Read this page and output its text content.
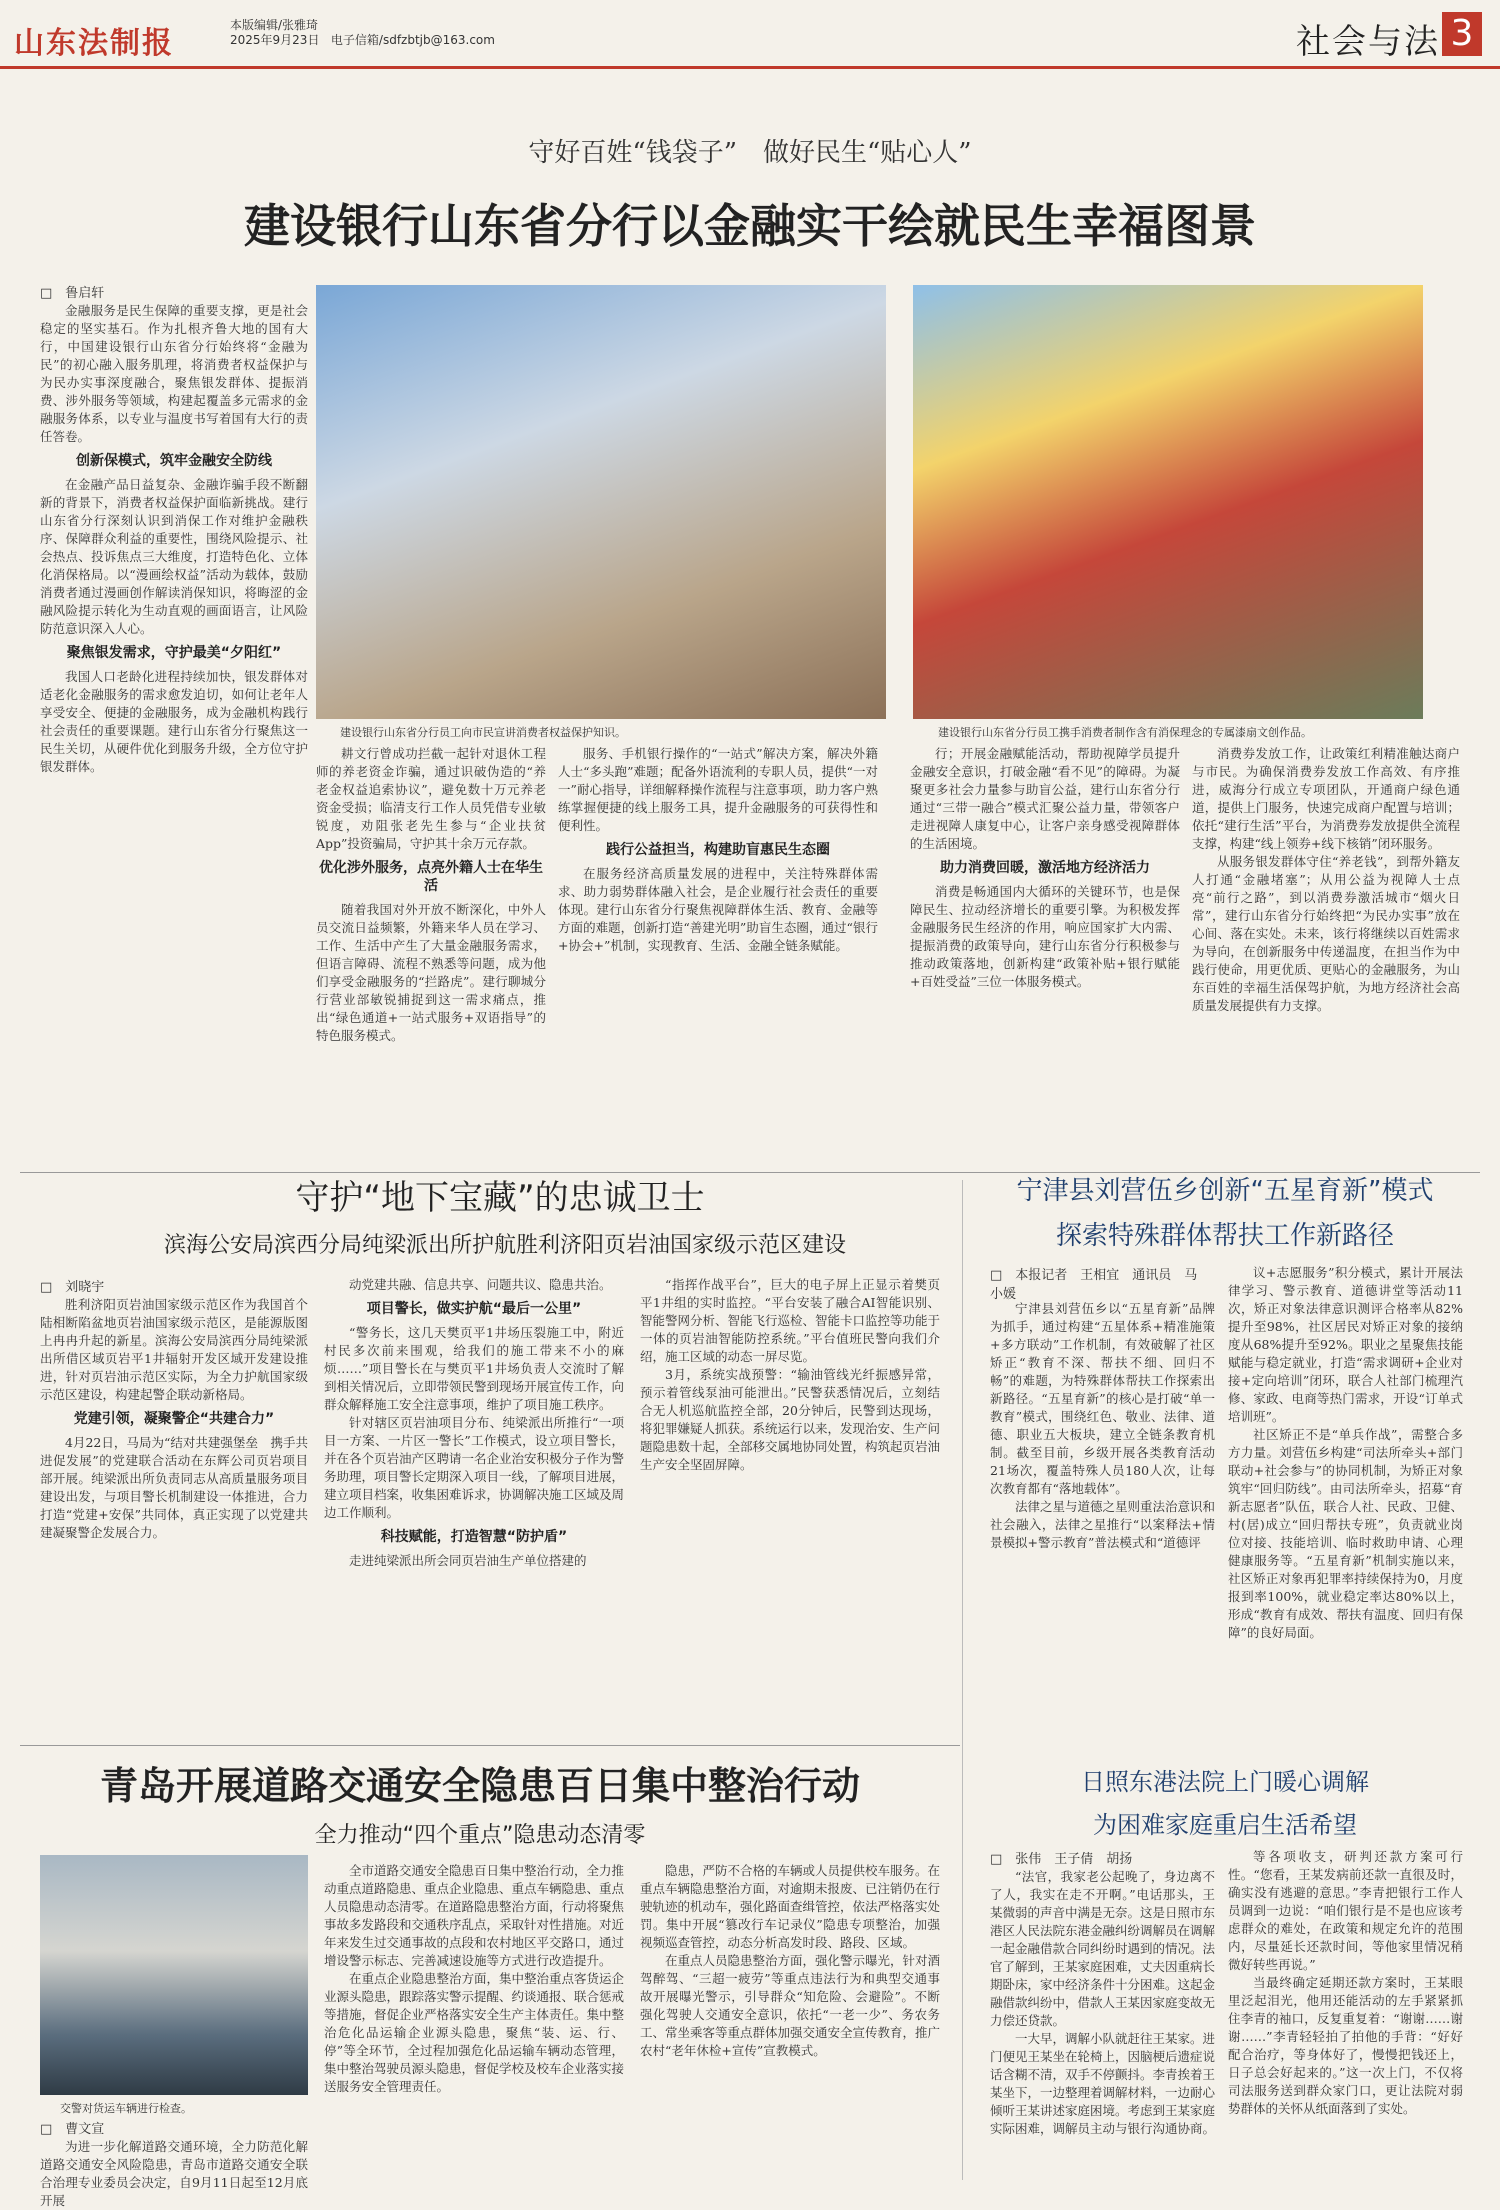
山东法制报
本版编辑/张雅琦
2025年9月23日 电子信箱/sdfzbtjb@163.com	社会与法 3
守好百姓“钱袋子”　做好民生“贴心人”
建设银行山东省分行以金融实干绘就民生幸福图景
□　鲁启轩

金融服务是民生保障的重要支撑，更是社会稳定的坚实基石。作为扎根齐鲁大地的国有大行，中国建设银行山东省分行始终将“金融为民”的初心融入服务肌理，将消费者权益保护与为民办实事深度融合，聚焦银发群体、提振消费、涉外服务等领域，构建起覆盖多元需求的金融服务体系，以专业与温度书写着国有大行的责任答卷。

创新保模式，筑牢金融安全防线

在金融产品日益复杂、金融诈骗手段不断翻新的背景下，消费者权益保护面临新挑战。建行山东省分行深刻认识到消保工作对维护金融秩序、保障群众利益的重要性，围绕风险提示、社会热点、投诉焦点三大维度，打造特色化、立体化消保格局。以“漫画绘权益”活动为载体，鼓励消费者通过漫画创作解读消保知识，将晦涩的金融风险提示转化为生动直观的画面语言，让风险防范意识深入人心。

聚焦银发需求，守护最美“夕阳红”

我国人口老龄化进程持续加快，银发群体对适老化金融服务的需求愈发迫切，如何让老年人享受安全、便捷的金融服务，成为金融机构践行社会责任的重要课题。建行山东省分行聚焦这一民生关切，从硬件优化到服务升级，全方位守护银发群体。

建设银行山东省分行员工向市民宣讲消费者权益保护知识。	建设银行山东省分行员工携手消费者制作含有消保理念的专属漆扇文创作品。

耕文行曾成功拦截一起针对退休工程师的养老资金诈骗，通过识破伪造的“养老金权益追索协议”，避免数十万元养老资金受损；临清支行工作人员凭借专业敏锐度，劝阻张老先生参与“企业扶贫App”投资骗局，守护其十余万元存款。

优化涉外服务，点亮外籍人士在华生活

随着我国对外开放不断深化，中外人员交流日益频繁，外籍来华人员在学习、工作、生活中产生了大量金融服务需求，但语言障碍、流程不熟悉等问题，成为他们享受金融服务的“拦路虎”。建行聊城分行营业部敏锐捕捉到这一需求痛点，推出“绿色通道+一站式服务+双语指导”的特色服务模式。

服务、手机银行操作的“一站式”解决方案，解决外籍人士“多头跑”难题；配备外语流利的专职人员，提供“一对一”耐心指导，详细解释操作流程与注意事项，助力客户熟练掌握便捷的线上服务工具，提升金融服务的可获得性和便利性。

践行公益担当，构建助盲惠民生态圈

在服务经济高质量发展的进程中，关注特殊群体需求、助力弱势群体融入社会，是企业履行社会责任的重要体现。建行山东省分行聚焦视障群体生活、教育、金融等方面的难题，创新打造“善建光明”助盲生态圈，通过“银行+协会+”机制，实现教育、生活、金融全链条赋能。

行；开展金融赋能活动，帮助视障学员提升金融安全意识，打破金融“看不见”的障碍。为凝聚更多社会力量参与助盲公益，建行山东省分行通过“三带一融合”模式汇聚公益力量，带领客户走进视障人康复中心，让客户亲身感受视障群体的生活困境。

助力消费回暖，激活地方经济活力

消费是畅通国内大循环的关键环节，也是保障民生、拉动经济增长的重要引擎。为积极发挥金融服务民生经济的作用，响应国家扩大内需、提振消费的政策导向，建行山东省分行积极参与推动政策落地，创新构建“政策补贴+银行赋能+百姓受益”三位一体服务模式。

消费券发放工作，让政策红利精准触达商户与市民。为确保消费券发放工作高效、有序推进，威海分行成立专项团队，开通商户绿色通道，提供上门服务，快速完成商户配置与培训；依托“建行生活”平台，为消费券发放提供全流程支撑，构建“线上领券+线下核销”闭环服务。

从服务银发群体守住“养老钱”，到帮外籍友人打通“金融堵塞”；从用公益为视障人士点亮“前行之路”，到以消费券激活城市“烟火日常”，建行山东省分行始终把“为民办实事”放在心间、落在实处。未来，该行将继续以百姓需求为导向，在创新服务中传递温度，在担当作为中践行使命，用更优质、更贴心的金融服务，为山东百姓的幸福生活保驾护航，为地方经济社会高质量发展提供有力支撑。

守护“地下宝藏”的忠诚卫士
滨海公安局滨西分局纯梁派出所护航胜利济阳页岩油国家级示范区建设
□　刘晓宇

胜利济阳页岩油国家级示范区作为我国首个陆相断陷盆地页岩油国家级示范区，是能源版图上冉冉升起的新星。滨海公安局滨西分局纯梁派出所借区域页岩平1井辐射开发区域开发建设推进，针对页岩油示范区实际，为全力护航国家级示范区建设，构建起警企联动新格局。

党建引领，凝聚警企“共建合力”

4月22日，马局为“结对共建强堡垒　携手共进促发展”的党建联合活动在东辉公司页岩项目部开展。纯梁派出所负责同志从高质量服务项目建设出发，与项目警长机制建设一体推进，合力打造“党建+安保”共同体，真正实现了以党建共建凝聚警企发展合力。

动党建共融、信息共享、问题共议、隐患共治。

项目警长，做实护航“最后一公里”

“警务长，这几天樊页平1井场压裂施工中，附近村民多次前来围观，给我们的施工带来不小的麻烦……”项目警长在与樊页平1井场负责人交流时了解到相关情况后，立即带领民警到现场开展宣传工作，向群众解释施工安全注意事项，维护了项目施工秩序。

针对辖区页岩油项目分布、纯梁派出所推行“一项目一方案、一片区一警长”工作模式，设立项目警长，并在各个页岩油产区聘请一名企业治安积极分子作为警务助理，项目警长定期深入项目一线，了解项目进展，建立项目档案，收集困难诉求，协调解决施工区域及周边工作顺利。

科技赋能，打造智慧“防护盾”

走进纯梁派出所会同页岩油生产单位搭建的

“指挥作战平台”，巨大的电子屏上正显示着樊页平1井组的实时监控。“平台安装了融合AI智能识别、智能警网分析、智能飞行巡检、智能卡口监控等功能于一体的页岩油智能防控系统。”平台值班民警向我们介绍，施工区域的动态一屏尽览。

3月，系统实战预警：“输油管线光纤振感异常，预示着管线泵油可能泄出。”民警获悉情况后，立刻结合无人机巡航监控全部，20分钟后，民警到达现场，将犯罪嫌疑人抓获。系统运行以来，发现治安、生产问题隐患数十起，全部移交属地协同处置，构筑起页岩油生产安全坚固屏障。

宁津县刘营伍乡创新“五星育新”模式
探索特殊群体帮扶工作新路径
□　本报记者　王相宜　通讯员　马小媛

宁津县刘营伍乡以“五星育新”品牌为抓手，通过构建“五星体系+精准施策+多方联动”工作机制，有效破解了社区矫正“教育不深、帮扶不细、回归不畅”的难题，为特殊群体帮扶工作探索出新路径。“五星育新”的核心是打破“单一教育”模式，围绕红色、敬业、法律、道德、职业五大板块，建立全链条教育机制。截至目前，乡级开展各类教育活动21场次，覆盖特殊人员180人次，让每次教育都有“落地载体”。

法律之星与道德之星则重法治意识和社会融入，法律之星推行“以案释法+情景模拟+警示教育”普法模式和“道德评

议+志愿服务”积分模式，累计开展法律学习、警示教育、道德讲堂等活动11次，矫正对象法律意识测评合格率从82%提升至98%，社区居民对矫正对象的接纳度从68%提升至92%。职业之星聚焦技能赋能与稳定就业，打造“需求调研+企业对接+定向培训”闭环，联合人社部门梳理汽修、家政、电商等热门需求，开设“订单式培训班”。

社区矫正不是“单兵作战”，需整合多方力量。刘营伍乡构建“司法所牵头+部门联动+社会参与”的协同机制，为矫正对象筑牢“回归防线”。由司法所牵头，招募“育新志愿者”队伍，联合人社、民政、卫健、村(居)成立“回归帮扶专班”，负责就业岗位对接、技能培训、临时救助申请、心理健康服务等。“五星育新”机制实施以来，社区矫正对象再犯罪率持续保持为0，月度报到率100%，就业稳定率达80%以上，形成“教育有成效、帮扶有温度、回归有保障”的良好局面。

青岛开展道路交通安全隐患百日集中整治行动
全力推动“四个重点”隐患动态清零
交警对货运车辆进行检查。
□　曹文宣

为进一步化解道路交通环境，全力防范化解道路交通安全风险隐患，青岛市道路交通安全联合治理专业委员会决定，自9月11日起至12月底开展

全市道路交通安全隐患百日集中整治行动，全力推动重点道路隐患、重点企业隐患、重点车辆隐患、重点人员隐患动态清零。在道路隐患整治方面，行动将聚焦事故多发路段和交通秩序乱点，采取针对性措施。对近年来发生过交通事故的点段和农村地区平交路口，通过增设警示标志、完善减速设施等方式进行改造提升。

在重点企业隐患整治方面，集中整治重点客货运企业源头隐患，跟踪落实警示提醒、约谈通报、联合惩戒等措施，督促企业严格落实安全生产主体责任。集中整治危化品运输企业源头隐患，聚焦“装、运、行、停”等全环节，全过程加强危化品运输车辆动态管理，集中整治驾驶员源头隐患，督促学校及校车企业落实接送服务安全管理责任。

隐患，严防不合格的车辆或人员提供校车服务。在重点车辆隐患整治方面，对逾期未报废、已注销仍在行驶轨迹的机动车，强化路面查缉管控，依法严格落实处罚。集中开展“篡改行车记录仪”隐患专项整治，加强视频巡查管控，动态分析高发时段、路段、区域。

在重点人员隐患整治方面，强化警示曝光，针对酒驾醉驾、“三超一疲劳”等重点违法行为和典型交通事故开展曝光警示，引导群众“知危险、会避险”。不断强化驾驶人交通安全意识，依托“一老一少”、务农务工、常坐乘客等重点群体加强交通安全宣传教育，推广农村“老年休检+宣传”宣教模式。

日照东港法院上门暖心调解
为困难家庭重启生活希望
□　张伟　王子倩　胡扬

“法官，我家老公起晚了，身边离不了人，我实在走不开啊。”电话那头，王某微弱的声音中满是无奈。这是日照市东港区人民法院东港金融纠纷调解员在调解一起金融借款合同纠纷时遇到的情况。法官了解到，王某家庭困难，丈夫因重病长期卧床，家中经济条件十分困难。这起金融借款纠纷中，借款人王某因家庭变故无力偿还贷款。

一大早，调解小队就赶往王某家。进门便见王某坐在轮椅上，因脑梗后遗症说话含糊不清，双手不停颤抖。李青挨着王某坐下，一边整理着调解材料，一边耐心倾听王某讲述家庭困境。考虑到王某家庭实际困难，调解员主动与银行沟通协商。

等各项收支，研判还款方案可行性。“您看，王某发病前还款一直很及时，确实没有逃避的意思。”李青把银行工作人员调到一边说：“咱们银行是不是也应该考虑群众的难处，在政策和规定允许的范围内，尽量延长还款时间，等他家里情况稍微好转些再说。”

当最终确定延期还款方案时，王某眼里泛起泪光，他用还能活动的左手紧紧抓住李青的袖口，反复重复着：“谢谢……谢谢……”李青轻轻拍了拍他的手背：“好好配合治疗，等身体好了，慢慢把钱还上，日子总会好起来的。”这一次上门，不仅将司法服务送到群众家门口，更让法院对弱势群体的关怀从纸面落到了实处。
